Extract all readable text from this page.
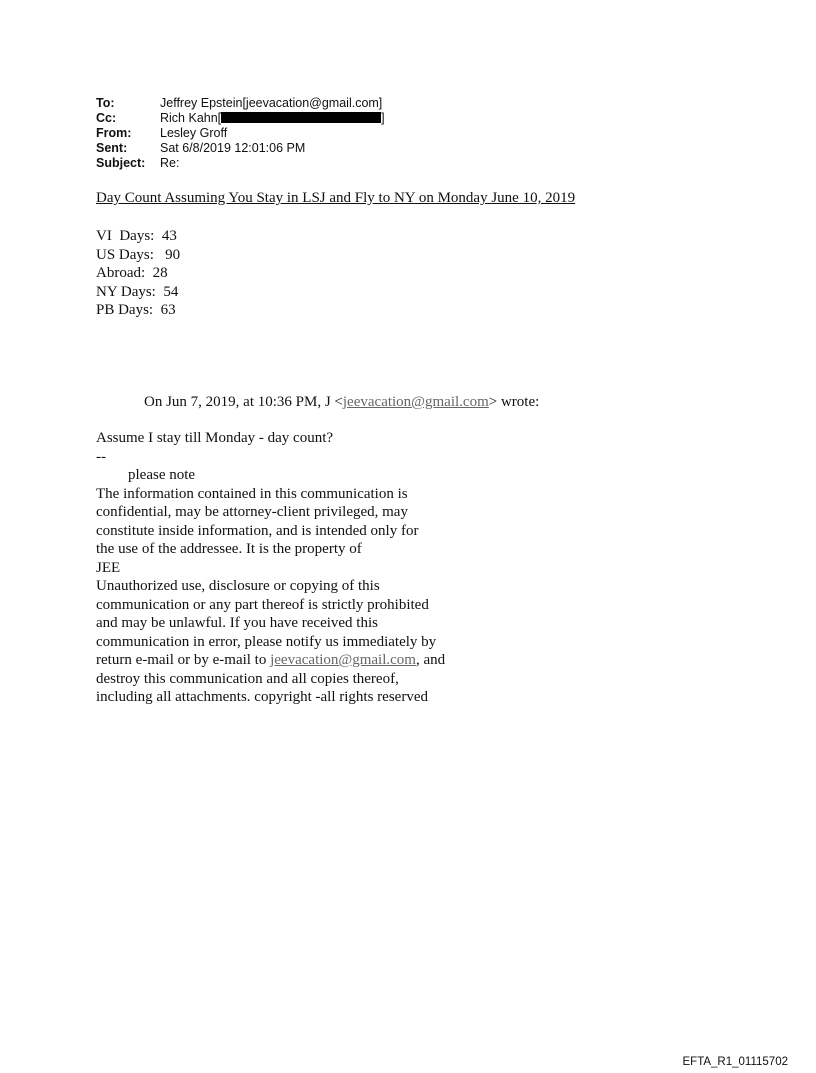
To:	Jeffrey Epstein[jeevacation@gmail.com]
Cc:	Rich Kahn[	]
From:	Lesley Groff
Sent:	Sat 6/8/2019 12:01:06 PM
Subject:	Re:
Day Count Assuming You Stay in LSJ and Fly to NY on Monday June 10, 2019
VI  Days:  43
US Days:   90
Abroad:  28
NY Days:  54
PB Days:  63
On Jun 7, 2019, at 10:36 PM, J <jeevacation@gmail.com> wrote:
Assume I stay till Monday - day count?
--
please note
The information contained in this communication is
confidential, may be attorney-client privileged, may
constitute inside information, and is intended only for
the use of the addressee. It is the property of
JEE
Unauthorized use, disclosure or copying of this
communication or any part thereof is strictly prohibited
and may be unlawful. If you have received this
communication in error, please notify us immediately by
return e-mail or by e-mail to jeevacation@gmail.com, and
destroy this communication and all copies thereof,
including all attachments. copyright -all rights reserved
EFTA_R1_01115702
